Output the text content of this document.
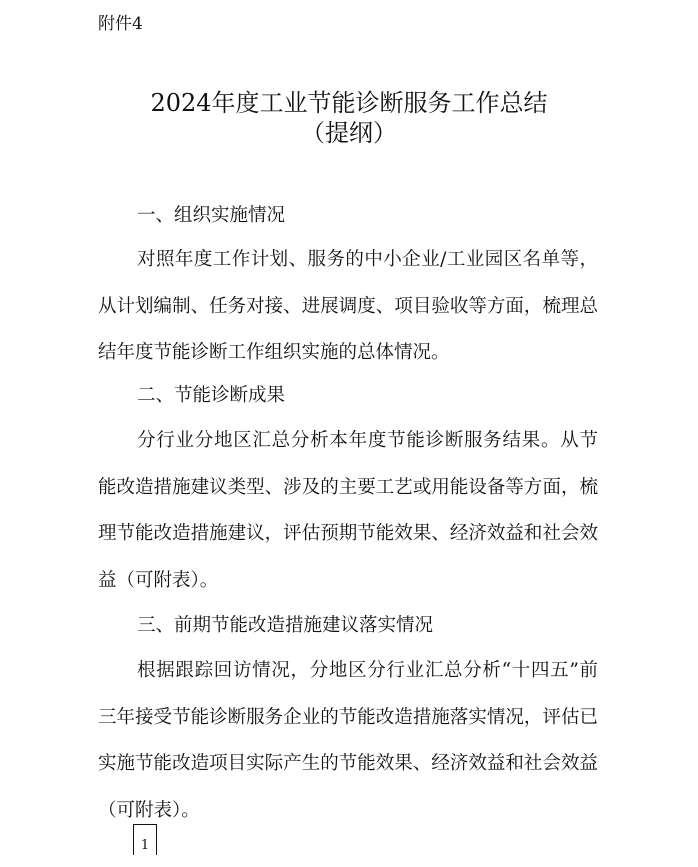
附件4

2024年度工业节能诊断服务工作总结
（提纲）
一、组织实施情况

对照年度工作计划、服务的中小企业/工业园区名单等，从计划编制、任务对接、进展调度、项目验收等方面，梳理总结年度节能诊断工作组织实施的总体情况。

二、节能诊断成果

分行业分地区汇总分析本年度节能诊断服务结果。从节能改造措施建议类型、涉及的主要工艺或用能设备等方面，梳理节能改造措施建议，评估预期节能效果、经济效益和社会效益（可附表）。

三、前期节能改造措施建议落实情况

根据跟踪回访情况，分地区分行业汇总分析“十四五”前三年接受节能诊断服务企业的节能改造措施落实情况，评估已实施节能改造项目实际产生的节能效果、经济效益和社会效益（可附表）。

1
